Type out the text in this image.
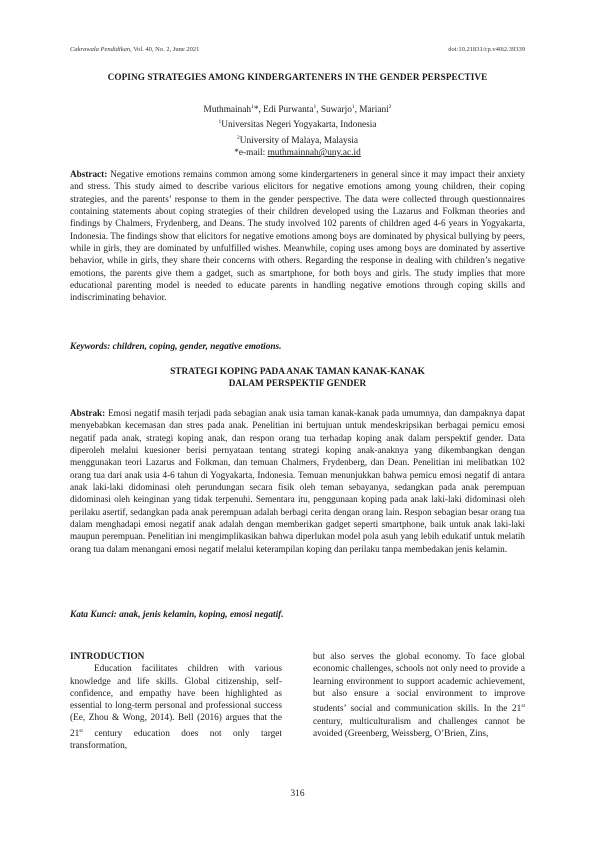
Cakrawala Pendidikan, Vol. 40, No. 2, June 2021	doi:10.21831/cp.v40i2.39339
COPING STRATEGIES AMONG KINDERGARTENERS IN THE GENDER PERSPECTIVE
Muthmainah$^1$*, Edi Purwanta$^1$, Suwarjo$^1$, Mariani$^2$
$^1$Universitas Negeri Yogyakarta, Indonesia
$^2$University of Malaya, Malaysia
*e-mail: muthmainnah@uny.ac.id
Abstract: Negative emotions remains common among some kindergarteners in general since it may impact their anxiety and stress. This study aimed to describe various elicitors for negative emotions among young children, their coping strategies, and the parents’ response to them in the gender perspective. The data were collected through questionnaires containing statements about coping strategies of their children developed using the Lazarus and Folkman theories and findings by Chalmers, Frydenberg, and Deans. The study involved 102 parents of children aged 4-6 years in Yogyakarta, Indonesia. The findings show that elicitors for negative emotions among boys are dominated by physical bullying by peers, while in girls, they are dominated by unfulfilled wishes. Meanwhile, coping uses among boys are dominated by assertive behavior, while in girls, they share their concerns with others. Regarding the response in dealing with children’s negative emotions, the parents give them a gadget, such as smartphone, for both boys and girls. The study implies that more educational parenting model is needed to educate parents in handling negative emotions through coping skills and indiscriminating behavior.
Keywords: children, coping, gender, negative emotions.
STRATEGI KOPING PADA ANAK TAMAN KANAK-KANAK
DALAM PERSPEKTIF GENDER
Abstrak: Emosi negatif masih terjadi pada sebagian anak usia taman kanak-kanak pada umumnya, dan dampaknya dapat menyebabkan kecemasan dan stres pada anak. Penelitian ini bertujuan untuk mendeskripsikan berbagai pemicu emosi negatif pada anak, strategi koping anak, dan respon orang tua terhadap koping anak dalam perspektif gender. Data diperoleh melalui kuesioner berisi pernyataan tentang strategi koping anak-anaknya yang dikembangkan dengan menggunakan teori Lazarus and Folkman, dan temuan Chalmers, Frydenberg, dan Dean. Penelitian ini melibatkan 102 orang tua dari anak usia 4-6 tahun di Yogyakarta, Indonesia. Temuan menunjukkan bahwa pemicu emosi negatif di antara anak laki-laki didominasi oleh perundungan secara fisik oleh teman sebayanya, sedangkan pada anak perempuan didominasi oleh keinginan yang tidak terpenuhi. Sementara itu, penggunaan koping pada anak laki-laki didominasi oleh perilaku asertif, sedangkan pada anak perempuan adalah berbagi cerita dengan orang lain. Respon sebagian besar orang tua dalam menghadapi emosi negatif anak adalah dengan memberikan gadget seperti smartphone, baik untuk anak laki-laki maupun perempuan. Penelitian ini mengimplikasikan bahwa diperlukan model pola asuh yang lebih edukatif untuk melatih orang tua dalam menangani emosi negatif melalui keterampilan koping dan perilaku tanpa membedakan jenis kelamin.
Kata Kunci: anak, jenis kelamin, koping, emosi negatif.
INTRODUCTION
Education facilitates children with various knowledge and life skills. Global citizenship, self-confidence, and empathy have been highlighted as essential to long-term personal and professional success (Ee, Zhou & Wong, 2014). Bell (2016) argues that the 21st century education does not only target transformation,
but also serves the global economy. To face global economic challenges, schools not only need to provide a learning environment to support academic achievement, but also ensure a social environment to improve students’ social and communication skills. In the 21st century, multiculturalism and challenges cannot be avoided (Greenberg, Weissberg, O’Brien, Zins,
316
